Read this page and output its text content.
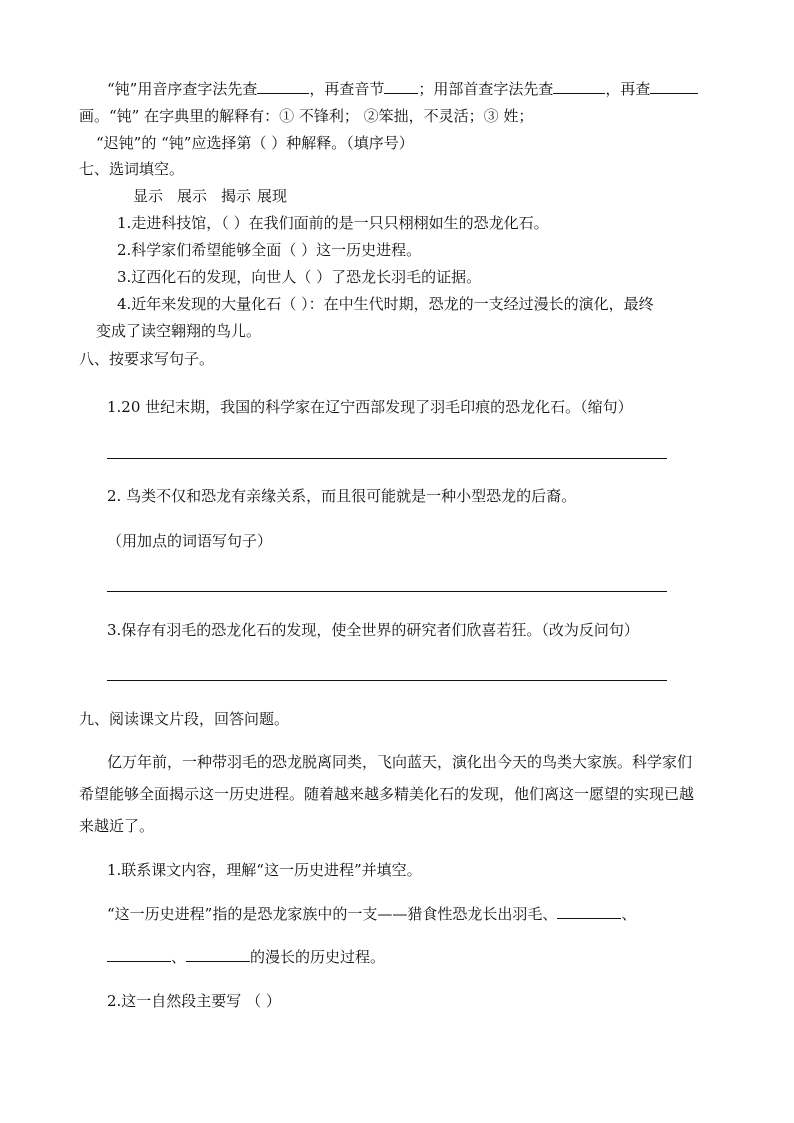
“钝”用音序查字法先查	，再查音节 ；用部首查字法先查	，再查
画。“钝” 在字典里的解释有：① 不锋利； ②笨拙，不灵活；③ 姓；
“迟钝”的 “钝”应选择第（ ）种解释。（填序号）
七、选词填空。
显示 展示 揭示 展现
1.走进科技馆，（ ）在我们面前的是一只只栩栩如生的恐龙化石。
2.科学家们希望能够全面（ ）这一历史进程。
3.辽西化石的发现，向世人（ ）了恐龙长羽毛的证据。
4.近年来发现的大量化石（ ）：在中生代时期，恐龙的一支经过漫长的演化，最终
变成了读空翱翔的鸟儿。
八、按要求写句子。
1.20 世纪末期，我国的科学家在辽宁西部发现了羽毛印痕的恐龙化石。（缩句）
2. 鸟类不仅和恐龙有亲缘关系，而且很可能就是一种小型恐龙的后裔。
（用加点的词语写句子）
3.保存有羽毛的恐龙化石的发现，使全世界的研究者们欣喜若狂。（改为反问句）
九、阅读课文片段，回答问题。
亿万年前，一种带羽毛的恐龙脱离同类，飞向蓝天，演化出今天的鸟类大家族。科学家们
希望能够全面揭示这一历史进程。随着越来越多精美化石的发现，他们离这一愿望的实现已越
来越近了。
1.联系课文内容，理解“这一历史进程”并填空。
“这一历史进程”指的是恐龙家族中的一支——猎食性恐龙长出羽毛、	、
、	的漫长的历史过程。
2.这一自然段主要写 （ ）
